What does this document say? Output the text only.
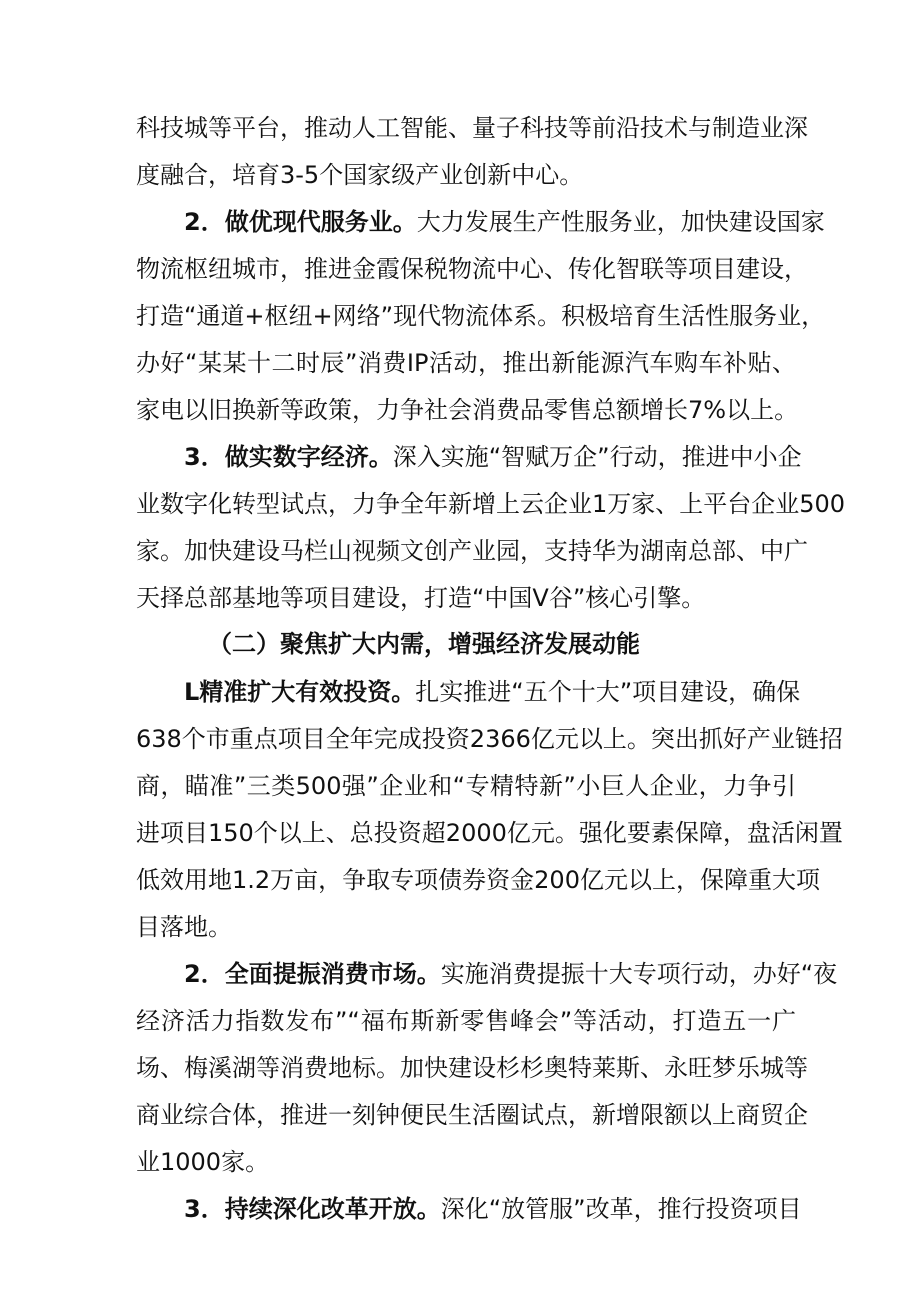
科技城等平台，推动人工智能、量子科技等前沿技术与制造业深
度融合，培育3-5个国家级产业创新中心。
2．做优现代服务业。大力发展生产性服务业，加快建设国家
物流枢纽城市，推进金霞保税物流中心、传化智联等项目建设，
打造“通道+枢纽+网络”现代物流体系。积极培育生活性服务业，
办好“某某十二时辰”消费IP活动，推出新能源汽车购车补贴、
家电以旧换新等政策，力争社会消费品零售总额增长7%以上。
3．做实数字经济。深入实施“智赋万企”行动，推进中小企
业数字化转型试点，力争全年新增上云企业1万家、上平台企业500
家。加快建设马栏山视频文创产业园，支持华为湖南总部、中广
天择总部基地等项目建设，打造“中国V谷”核心引擎。
（二）聚焦扩大内需，增强经济发展动能
L精准扩大有效投资。扎实推进“五个十大”项目建设，确保
638个市重点项目全年完成投资2366亿元以上。突出抓好产业链招
商，瞄准”三类500强”企业和“专精特新”小巨人企业，力争引
进项目150个以上、总投资超2000亿元。强化要素保障，盘活闲置
低效用地1.2万亩，争取专项债券资金200亿元以上，保障重大项
目落地。
2．全面提振消费市场。实施消费提振十大专项行动，办好“夜
经济活力指数发布”“福布斯新零售峰会”等活动，打造五一广
场、梅溪湖等消费地标。加快建设杉杉奥特莱斯、永旺梦乐城等
商业综合体，推进一刻钟便民生活圈试点，新增限额以上商贸企
业1000家。
3．持续深化改革开放。深化“放管服”改革，推行投资项目
